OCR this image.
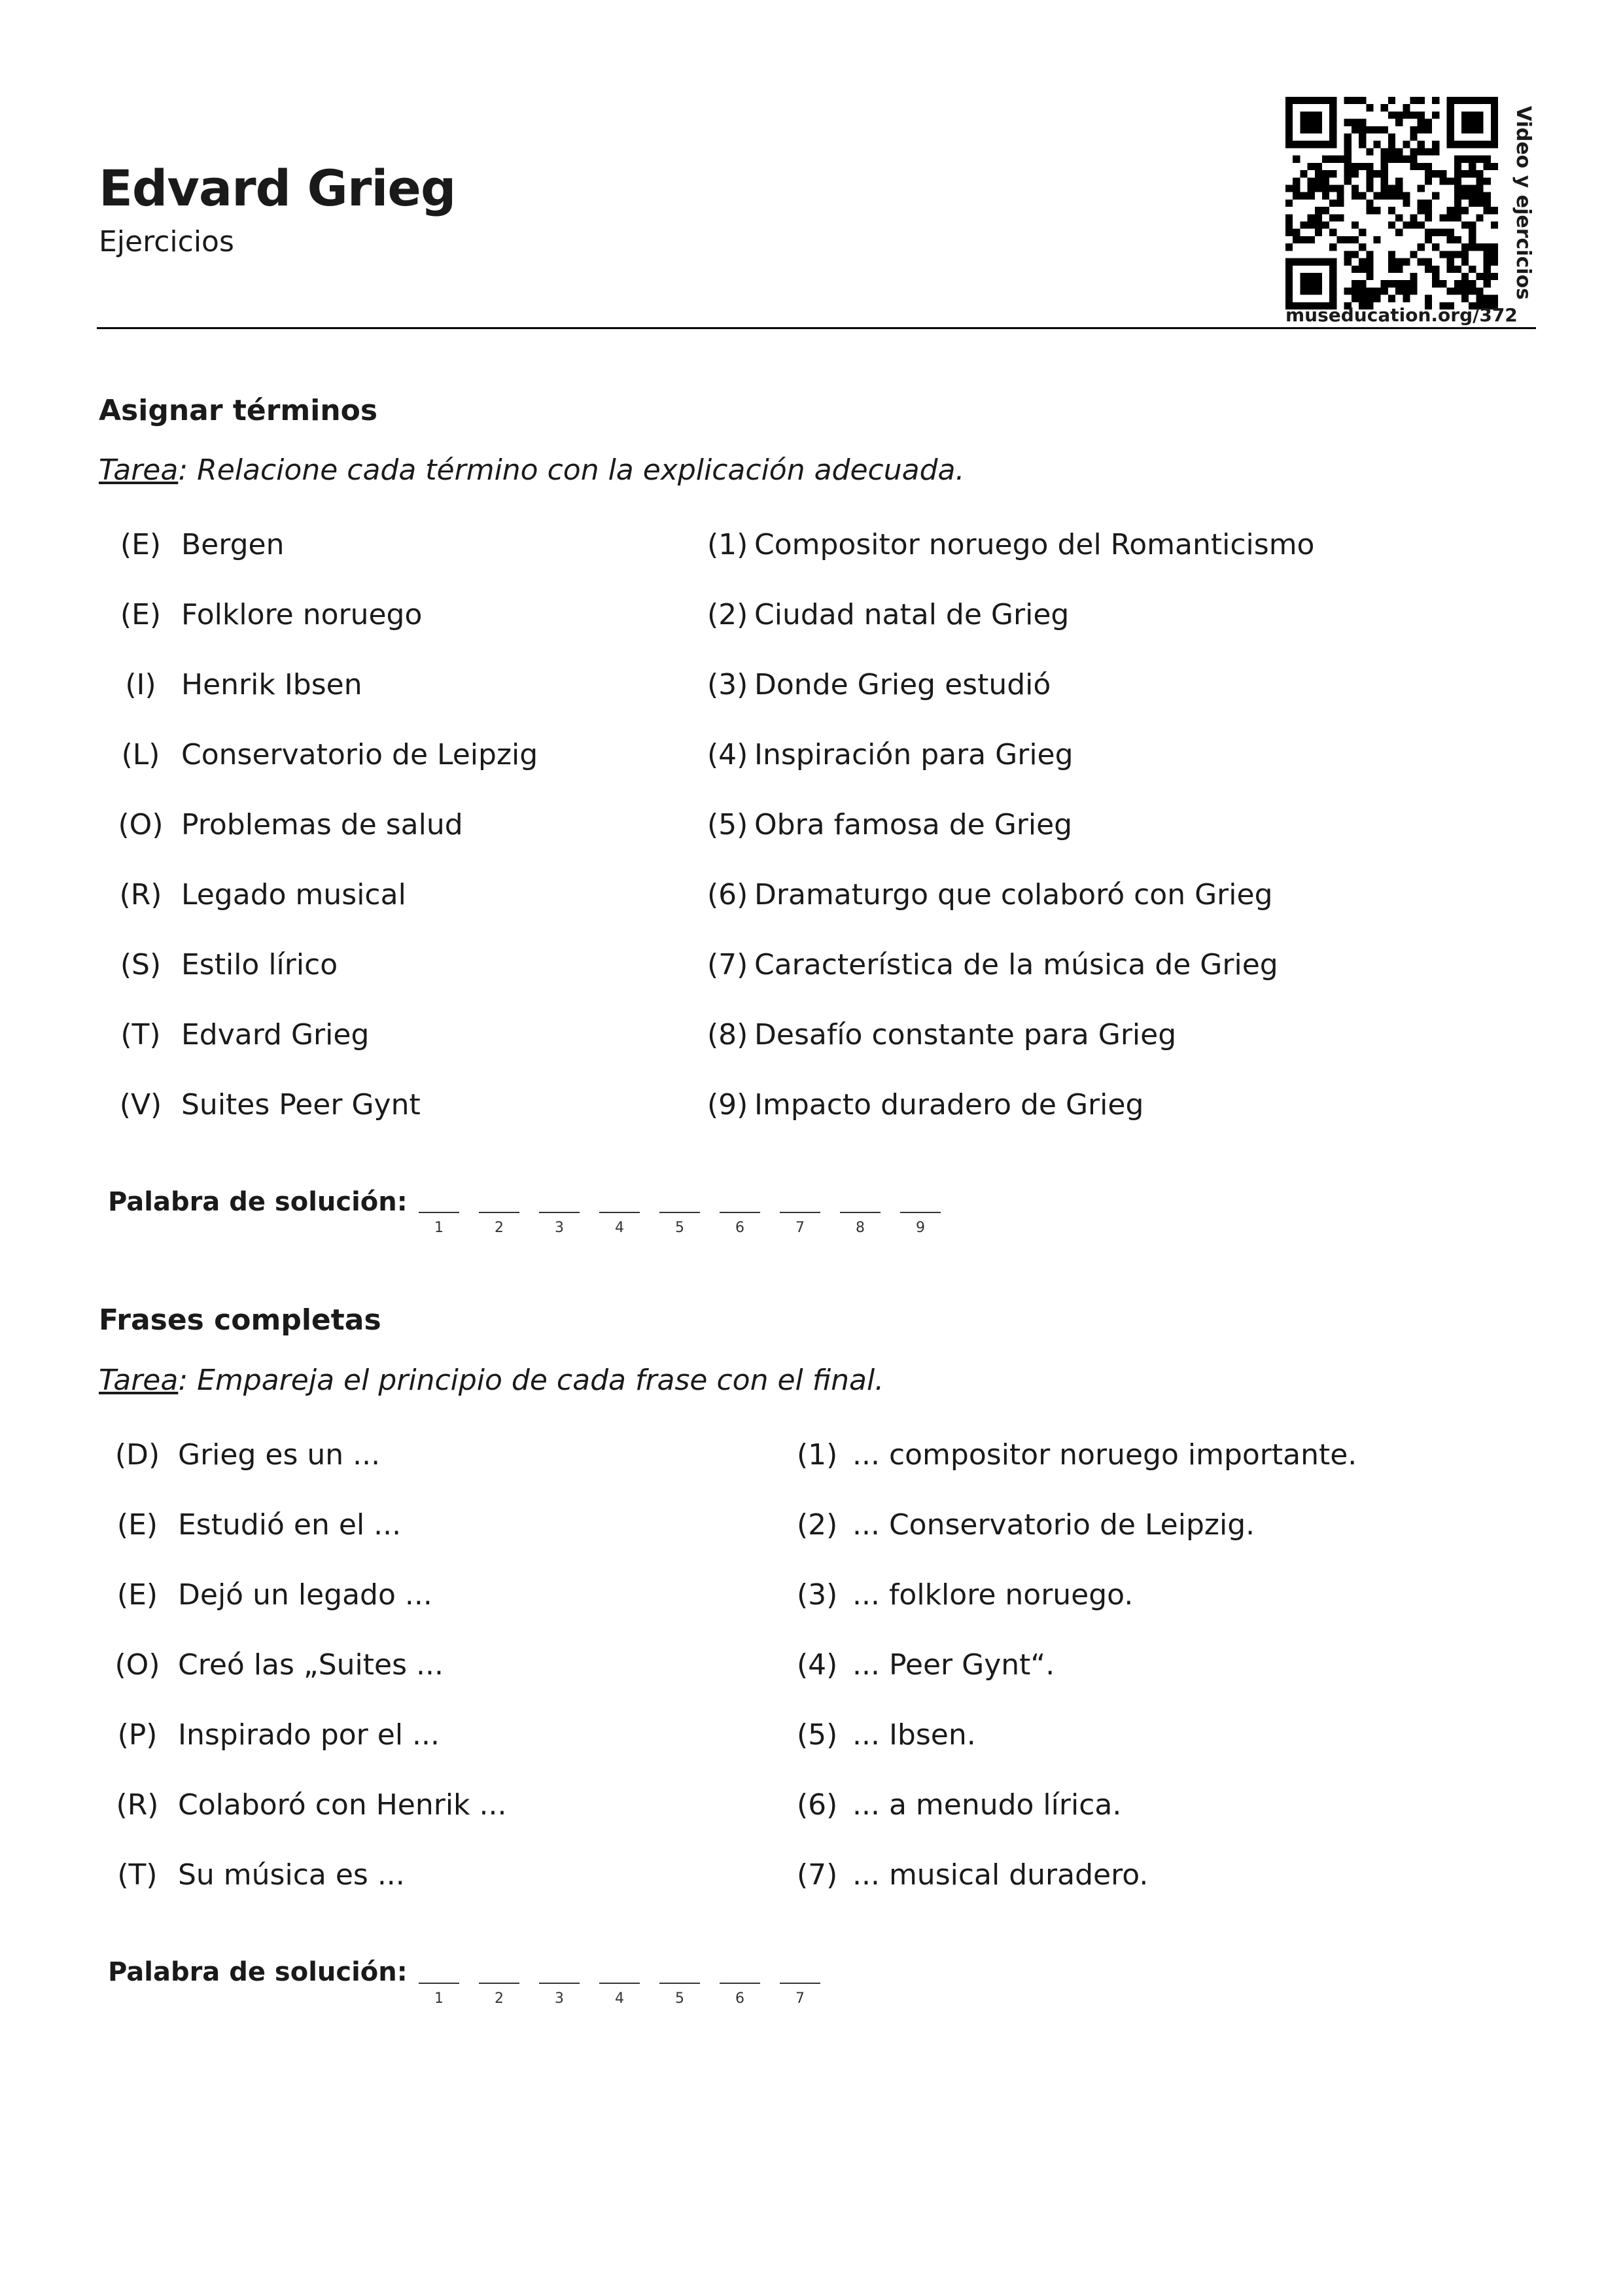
Edvard Grieg
Ejercicios
museducation.org/372
Video y ejercicios
Asignar términos
Tarea: Relacione cada término con la explicación adecuada.
(E) Bergen	(1) Compositor noruego del Romanticismo
(E) Folklore noruego	(2) Ciudad natal de Grieg
(I) Henrik Ibsen	(3) Donde Grieg estudió
(L) Conservatorio de Leipzig	(4) Inspiración para Grieg
(O) Problemas de salud	(5) Obra famosa de Grieg
(R) Legado musical	(6) Dramaturgo que colaboró con Grieg
(S) Estilo lírico	(7) Característica de la música de Grieg
(T) Edvard Grieg	(8) Desafío constante para Grieg
(V) Suites Peer Gynt	(9) Impacto duradero de Grieg
Palabra de solución:
1	2	3	4	5	6	7	8	9
Frases completas
Tarea: Empareja el principio de cada frase con el final.
(D) Grieg es un ...	(1) ... compositor noruego importante.
(E) Estudió en el ...	(2) ... Conservatorio de Leipzig.
(E) Dejó un legado ...	(3) ... folklore noruego.
(O) Creó las „Suites ...	(4) ... Peer Gynt“.
(P) Inspirado por el ...	(5) ... Ibsen.
(R) Colaboró con Henrik ...	(6) ... a menudo lírica.
(T) Su música es ...	(7) ... musical duradero.
Palabra de solución:
1	2	3	4	5	6	7
